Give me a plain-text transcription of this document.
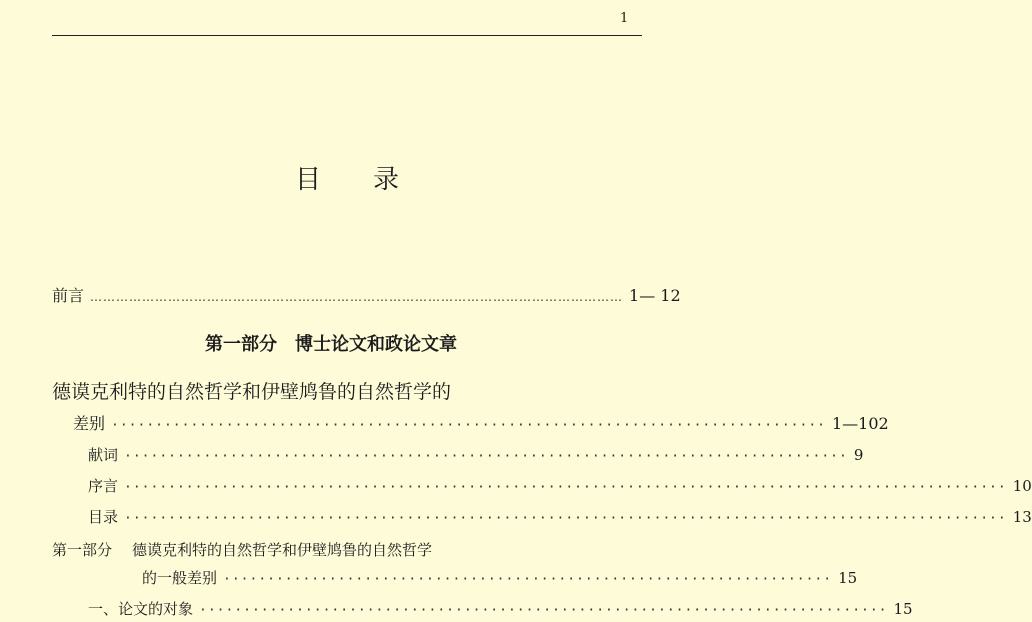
1
目 录
前言 …………………………………………………………………………………………………………… 1— 12
第一部分 博士论文和政论文章
德谟克利特的自然哲学和伊壁鸠鲁的自然哲学的
差别 ················································································· 1—102
献词 ·················································································· 9
序言 ···································································································· 10
目录 ···································································································· 13
第一部分 德谟克利特的自然哲学和伊壁鸠鲁的自然哲学
的一般差别 ····································································· 15
一、论文的对象 ·············································································· 15
